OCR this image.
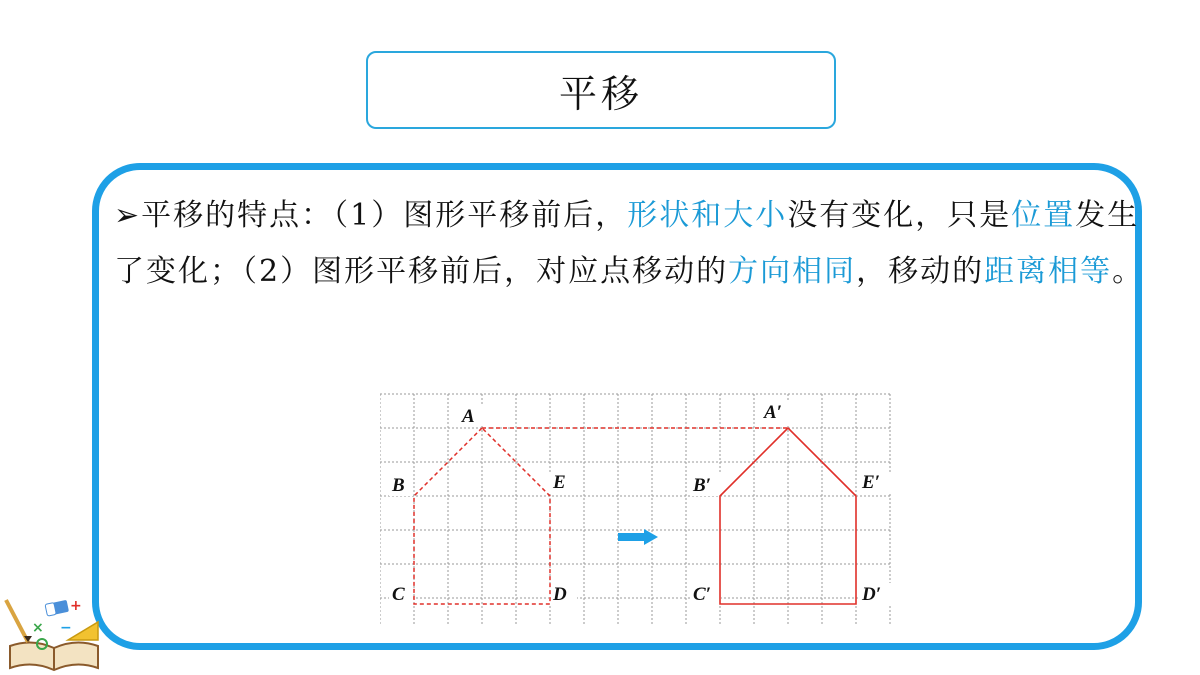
平移
➢平移的特点：（1）图形平移前后，形状和大小没有变化，只是位置发生了变化；（2）图形平移前后，对应点移动的方向相同，移动的距离相等。
A
B	E
C	D
A′
B′	E′
C′	D′
+
× −
